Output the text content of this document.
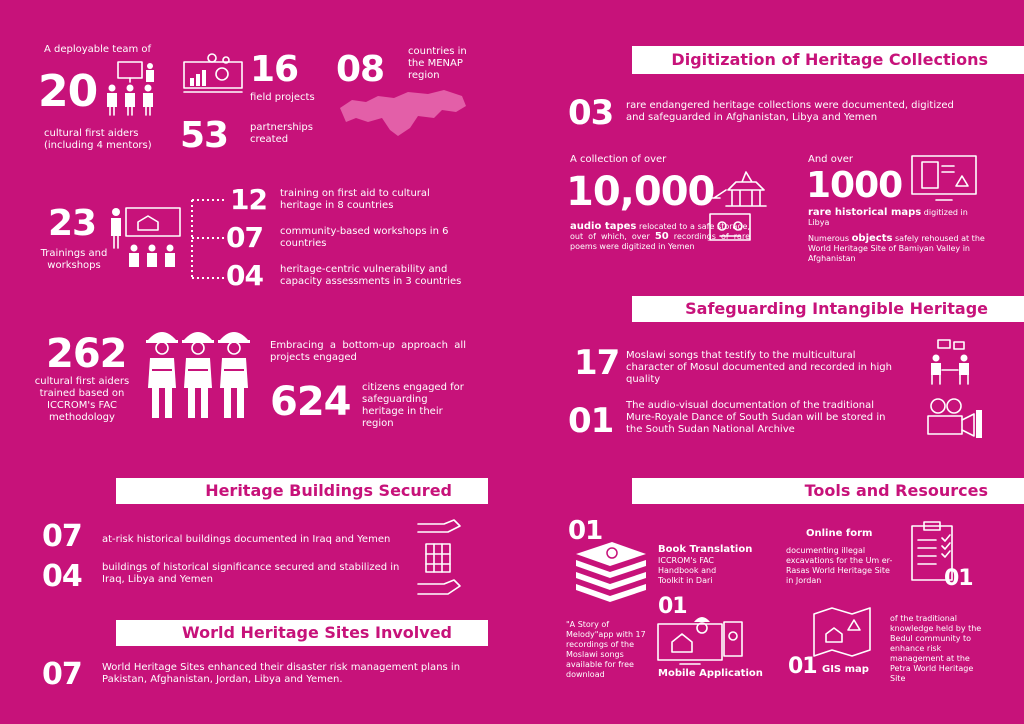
A deployable team of
20
cultural first aiders (including 4 mentors)
16
field projects
53 partnerships created
08 countries in the MENAP region
23
Trainings and workshops
12 training on first aid to cultural heritage in 8 countries
07 community-based workshops in 6 countries
04 heritage-centric vulnerability and capacity assessments in 3 countries
262
cultural first aiders trained based on ICCROM's FAC methodology
Embracing a bottom-up approach all projects engaged
624 citizens engaged for safeguarding heritage in their region
Heritage Buildings Secured
07 at-risk historical buildings documented in Iraq and Yemen
04 buildings of historical significance secured and stabilized in Iraq, Libya and Yemen
World Heritage Sites Involved
07 World Heritage Sites enhanced their disaster risk management plans in Pakistan, Afghanistan, Jordan, Libya and Yemen.
Digitization of Heritage Collections
03 rare endangered heritage collections were documented, digitized and safeguarded in Afghanistan, Libya and Yemen
A collection of over
10,000
audio tapes relocated to a safe storage, out of which, over 50 recordings of rare poems were digitized in Yemen
And over
1000
rare historical maps digitized in Libya
Numerous objects safely rehoused at the World Heritage Site of Bamiyan Valley in Afghanistan
Safeguarding Intangible Heritage
17 Moslawi songs that testify to the multicultural character of Mosul documented and recorded in high quality
01 The audio-visual documentation of the traditional Mure-Royale Dance of South Sudan will be stored in the South Sudan National Archive
Tools and Resources
01
Book Translation
ICCROM's FAC Handbook and Toolkit in Dari
Online form
documenting illegal excavations for the Um er-Rasas World Heritage Site in Jordan	01
"A Story of Melody"app with 17 recordings of the Moslawi songs available for free download
01
Mobile Application 01 GIS map
of the traditional knowledge held by the Bedul community to enhance risk management at the Petra World Heritage Site
